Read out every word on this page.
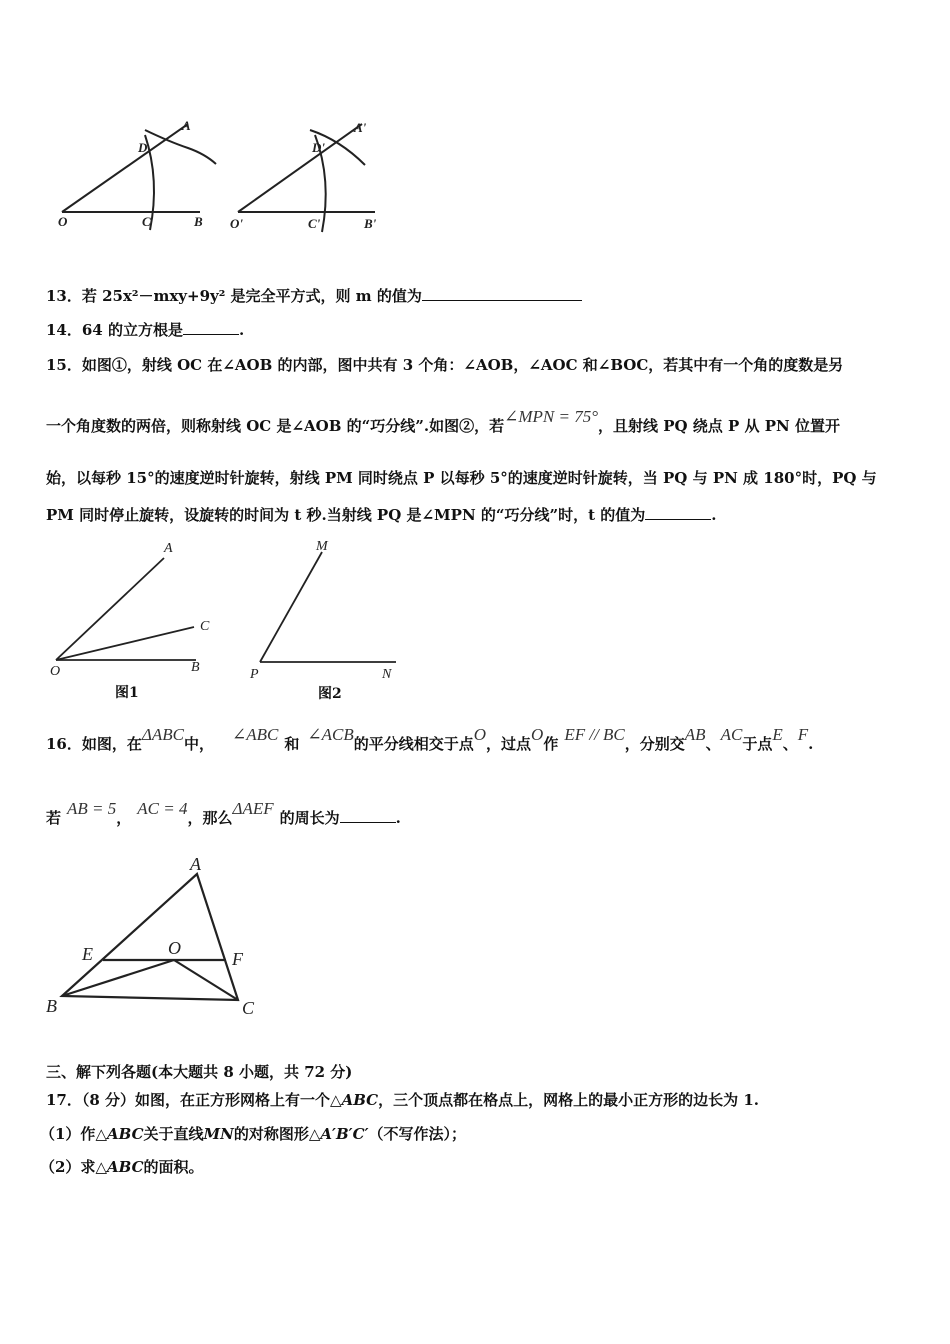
A
D
O	C	B
A'
D'
O'	C'	B'
13．若 25x²－mxy+9y² 是完全平方式，则 m 的值为
14．64 的立方根是	.
15．如图①，射线 OC 在∠AOB 的内部，图中共有 3 个角：∠AOB，∠AOC 和∠BOC，若其中有一个角的度数是另
一个角度数的两倍，则称射线 OC 是∠AOB 的“巧分线”.如图②，若∠MPN = 75°，且射线 PQ 绕点 P 从 PN 位置开
始，以每秒 15°的速度逆时针旋转，射线 PM 同时绕点 P 以每秒 5°的速度逆时针旋转，当 PQ 与 PN 成 180°时，PQ 与
PM 同时停止旋转，设旋转的时间为 t 秒.当射线 PQ 是∠MPN 的“巧分线”时，t 的值为	.
A
C
O	B
M
P	N
图1	图2
16．如图，在ΔABC中， ∠ABC 和 ∠ACB的平分线相交于点O，过点O作 EF // BC，分别交AB、AC于点E、F.
若 AB = 5， AC = 4，那么ΔAEF 的周长为	.
A
E	O
F
B	C
三、解下列各题(本大题共 8 小题，共 72 分)
17．（8 分）如图，在正方形网格上有一个△ABC，三个顶点都在格点上，网格上的最小正方形的边长为 1.
（1）作△ABC关于直线MN的对称图形△A′B′C′（不写作法）；
（2）求△ABC的面积。
